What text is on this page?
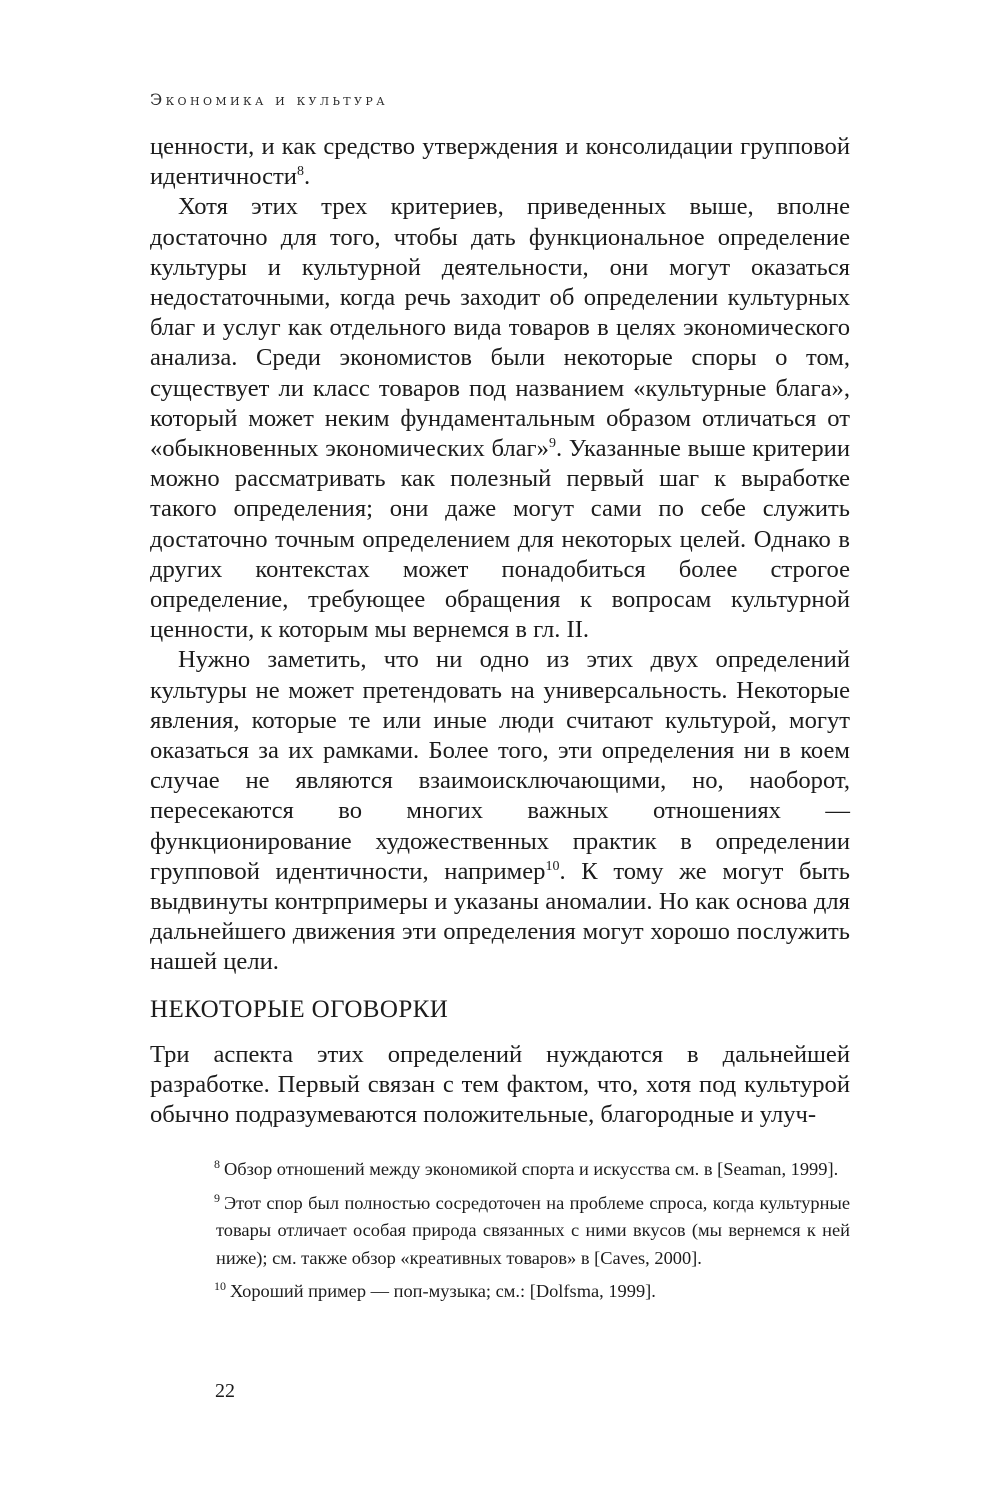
Экономика и культура

ценности, и как средство утверждения и консолидации групповой идентичности$^8$.

Хотя этих трех критериев, приведенных выше, вполне достаточно для того, чтобы дать функциональное определение культуры и культурной деятельности, они могут оказаться недостаточными, когда речь заходит об определении культурных благ и услуг как отдельного вида товаров в целях экономического анализа. Среди экономистов были некоторые споры о том, существует ли класс товаров под названием «культурные блага», который может неким фундаментальным образом отличаться от «обыкновенных экономических благ»$^9$. Указанные выше критерии можно рассматривать как полезный первый шаг к выработке такого определения; они даже могут сами по себе служить достаточно точным определением для некоторых целей. Однако в других контекстах может понадобиться более строгое определение, требующее обращения к вопросам культурной ценности, к которым мы вернемся в гл. II.

Нужно заметить, что ни одно из этих двух определений культуры не может претендовать на универсальность. Некоторые явления, которые те или иные люди считают культурой, могут оказаться за их рамками. Более того, эти определения ни в коем случае не являются взаимоисключающими, но, наоборот, пересекаются во многих важных отношениях — функционирование художественных практик в определении групповой идентичности, например$^{10}$. К тому же могут быть выдвинуты контрпримеры и указаны аномалии. Но как основа для дальнейшего движения эти определения могут хорошо послужить нашей цели.

НЕКОТОРЫЕ ОГОВОРКИ

Три аспекта этих определений нуждаются в дальнейшей разработке. Первый связан с тем фактом, что, хотя под культурой обычно подразумеваются положительные, благородные и улуч-

$^8$ Обзор отношений между экономикой спорта и искусства см. в [Seaman, 1999].

$^9$ Этот спор был полностью сосредоточен на проблеме спроса, когда культурные товары отличает особая природа связанных с ними вкусов (мы вернемся к ней ниже); см. также обзор «креативных товаров» в [Caves, 2000].

$^{10}$ Хороший пример — поп-музыка; см.: [Dolfsma, 1999].

22
